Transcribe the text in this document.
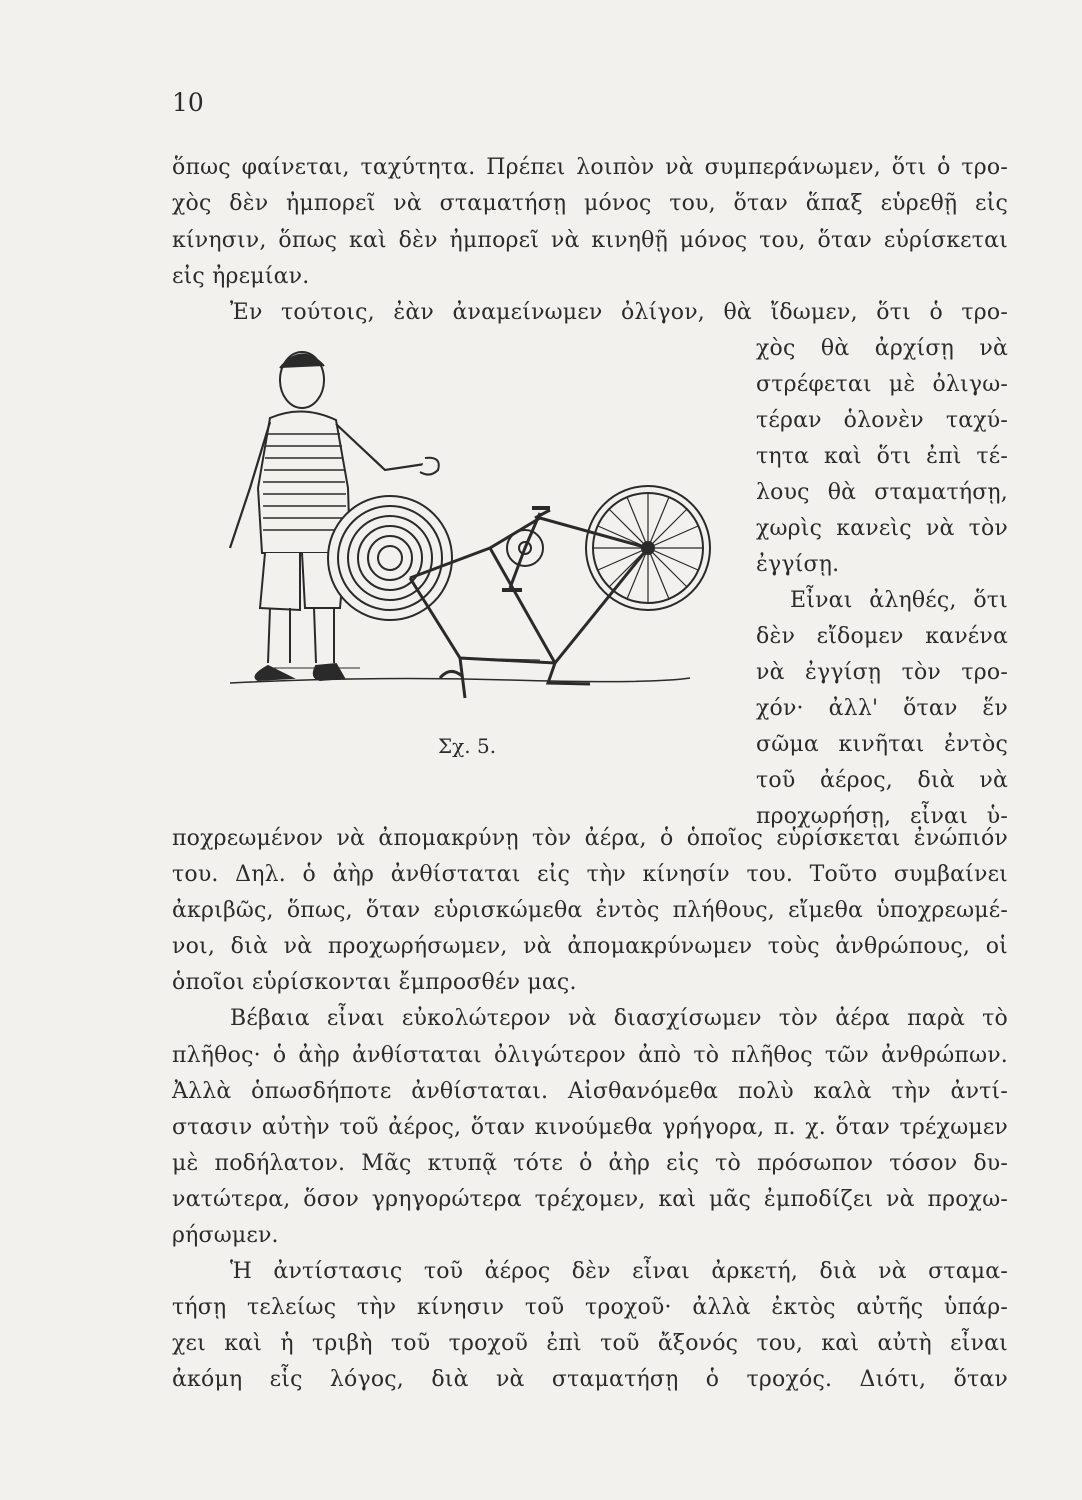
10
ὅπως φαίνεται, ταχύτητα. Πρέπει λοιπὸν νὰ συμπεράνωμεν, ὅτι ὁ τρο-
χὸς δὲν ἠμπορεῖ νὰ σταματήσῃ μόνος του, ὅταν ἅπαξ εὑρεθῇ εἰς
κίνησιν, ὅπως καὶ δὲν ἠμπορεῖ νὰ κινηθῇ μόνος του, ὅταν εὑρίσκεται
εἰς ἠρεμίαν.
Ἐν τούτοις, ἐὰν ἀναμείνωμεν ὀλίγον, θὰ ἴδωμεν, ὅτι ὁ τρο-
χὸς θὰ ἀρχίσῃ νὰ
στρέφεται μὲ ὀλιγω-
τέραν ὁλονὲν ταχύ-
τητα καὶ ὅτι ἐπὶ τέ-
λους θὰ σταματήσῃ,
χωρὶς κανεὶς νὰ τὸν
ἐγγίσῃ.
Εἶναι ἀληθές, ὅτι
δὲν εἴδομεν κανένα
νὰ ἐγγίσῃ τὸν τρο-
χόν· ἀλλ' ὅταν ἕν
σῶμα κινῆται ἐντὸς
τοῦ ἀέρος, διὰ νὰ
προχωρήσῃ, εἶναι ὑ-
Σχ. 5.
ποχρεωμένον νὰ ἀπομακρύνῃ τὸν ἀέρα, ὁ ὁποῖος εὑρίσκεται ἐνώπιόν
του. Δηλ. ὁ ἀὴρ ἀνθίσταται εἰς τὴν κίνησίν του. Τοῦτο συμβαίνει
ἀκριβῶς, ὅπως, ὅταν εὑρισκώμεθα ἐντὸς πλήθους, εἴμεθα ὑποχρεωμέ-
νοι, διὰ νὰ προχωρήσωμεν, νὰ ἀπομακρύνωμεν τοὺς ἀνθρώπους, οἱ
ὁποῖοι εὑρίσκονται ἔμπροσθέν μας.
Βέβαια εἶναι εὐκολώτερον νὰ διασχίσωμεν τὸν ἀέρα παρὰ τὸ
πλῆθος· ὁ ἀὴρ ἀνθίσταται ὀλιγώτερον ἀπὸ τὸ πλῆθος τῶν ἀνθρώπων.
Ἀλλὰ ὁπωσδήποτε ἀνθίσταται. Αἰσθανόμεθα πολὺ καλὰ τὴν ἀντί-
στασιν αὐτὴν τοῦ ἀέρος, ὅταν κινούμεθα γρήγορα, π. χ. ὅταν τρέχωμεν
μὲ ποδήλατον. Μᾶς κτυπᾷ τότε ὁ ἀὴρ εἰς τὸ πρόσωπον τόσον δυ-
νατώτερα, ὅσον γρηγορώτερα τρέχομεν, καὶ μᾶς ἐμποδίζει νὰ προχω-
ρήσωμεν.
Ἡ ἀντίστασις τοῦ ἀέρος δὲν εἶναι ἀρκετή, διὰ νὰ σταμα-
τήσῃ τελείως τὴν κίνησιν τοῦ τροχοῦ· ἀλλὰ ἐκτὸς αὐτῆς ὑπάρ-
χει καὶ ἡ τριβὴ τοῦ τροχοῦ ἐπὶ τοῦ ἄξονός του, καὶ αὐτὴ εἶναι
ἀκόμη εἷς λόγος, διὰ νὰ σταματήσῃ ὁ τροχός. Διότι, ὅταν
